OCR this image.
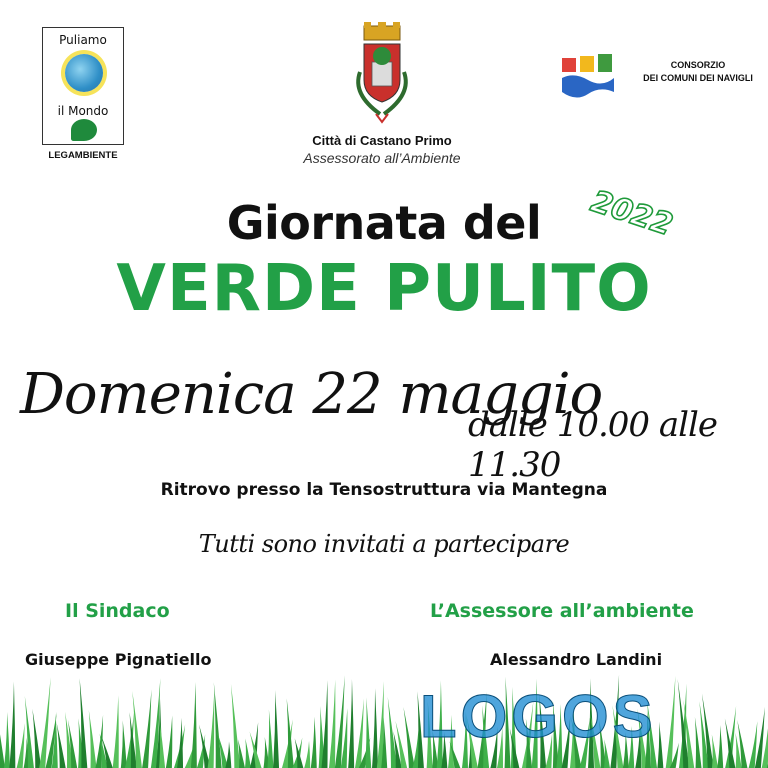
Puliamo
il Mondo
LEGAMBIENTE
Città di Castano Primo
Assessorato all’Ambiente
CONSORZIO
DEI COMUNI DEI NAVIGLI
Giornata del	2022
VERDE PULITO
Domenica 22 maggio
dalle 10.00 alle 11.30
Ritrovo presso la Tensostruttura via Mantegna
Tutti sono invitati a partecipare
Il Sindaco
Giuseppe Pignatiello
L’Assessore all’ambiente
Alessandro Landini
LOGOS
